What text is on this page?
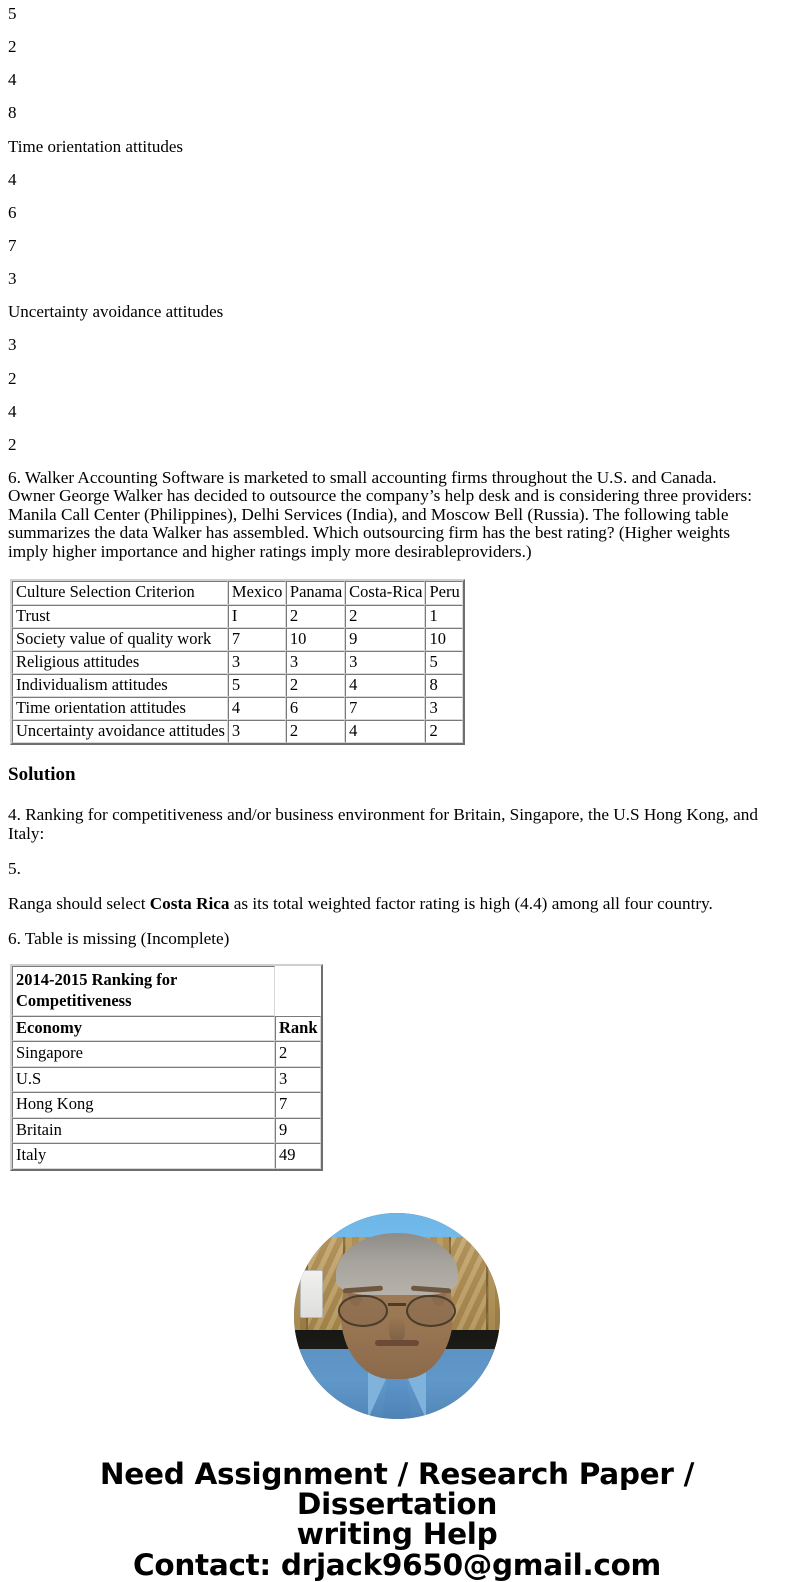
5

2

4

8

Time orientation attitudes

4

6

7

3

Uncertainty avoidance attitudes

3

2

4

2

6. Walker Accounting Software is marketed to small accounting firms throughout the U.S. and Canada. Owner George Walker has decided to outsource the company’s help desk and is considering three providers: Manila Call Center (Philippines), Delhi Services (India), and Moscow Bell (Russia). The following table summarizes the data Walker has assembled. Which outsourcing firm has the best rating? (Higher weights imply higher importance and higher ratings imply more desirableproviders.)

Culture Selection Criterion	Mexico	Panama	Costa-Rica	Peru
Trust	I	2	2	1
Society value of quality work	7	10	9	10
Religious attitudes	3	3	3	5
Individualism attitudes	5	2	4	8
Time orientation attitudes	4	6	7	3
Uncertainty avoidance attitudes	3	2	4	2
Solution

4. Ranking for competitiveness and/or business environment for Britain, Singapore, the U.S Hong Kong, and Italy:

5.

Ranga should select Costa Rica as its total weighted factor rating is high (4.4) among all four country.

6. Table is missing (Incomplete)

2014-2015 Ranking for Competitiveness	
Economy	Rank
Singapore	2
U.S	3
Hong Kong	7
Britain	9
Italy	49
Need Assignment / Research Paper / Dissertation
writing Help
Contact: drjack9650@gmail.com
